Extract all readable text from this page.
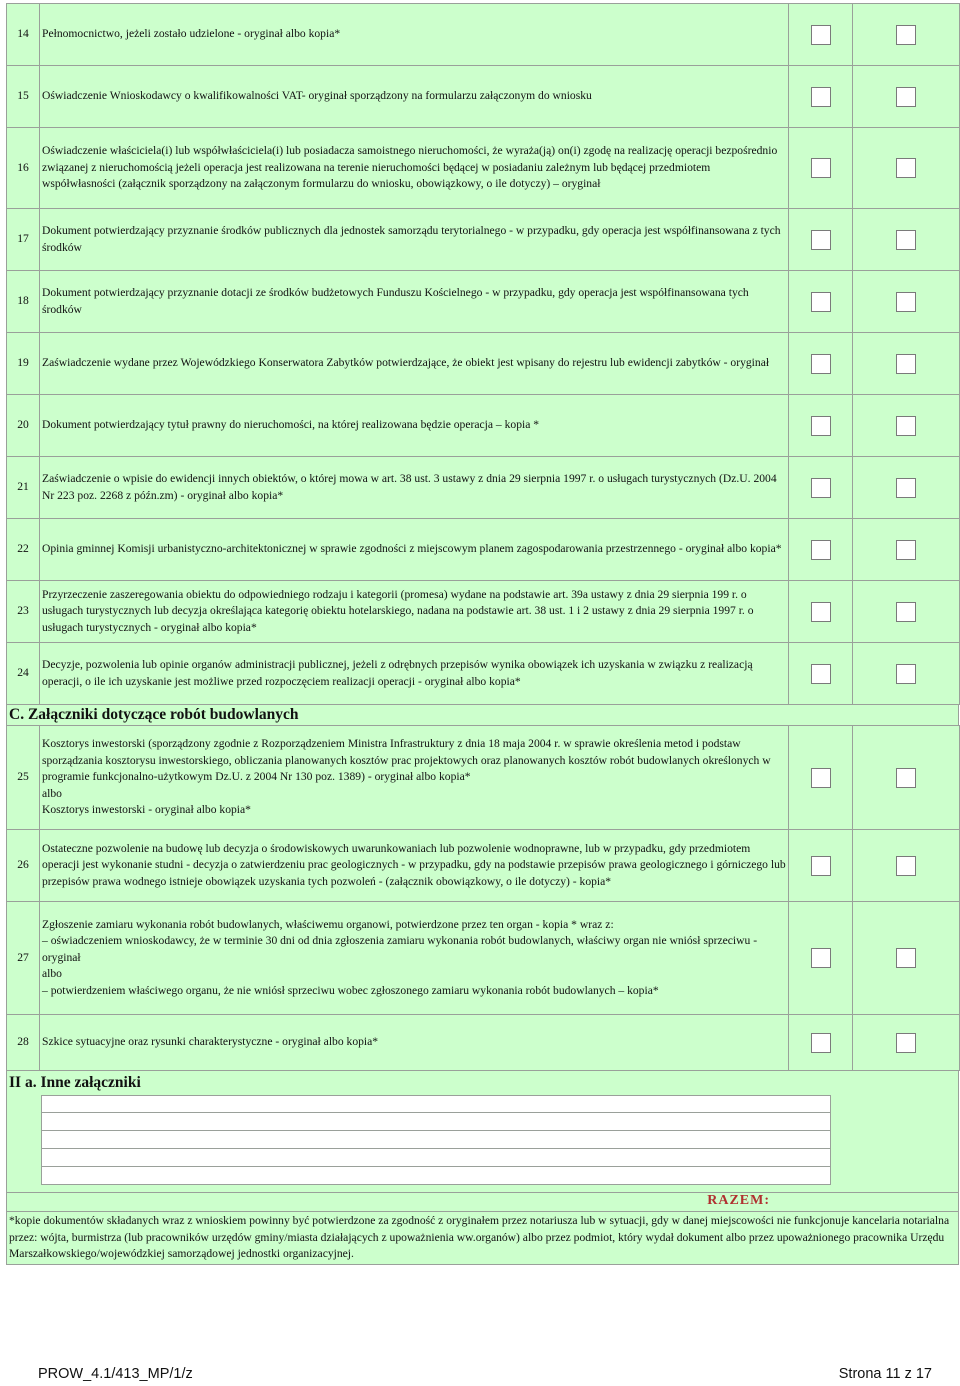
14	Pełnomocnictwo, jeżeli zostało udzielone - oryginał albo kopia*		
15	Oświadczenie Wnioskodawcy o kwalifikowalności VAT- oryginał sporządzony na formularzu załączonym do wniosku		
16	Oświadczenie właściciela(i) lub współwłaściciela(i) lub posiadacza samoistnego nieruchomości, że wyraża(ją) on(i) zgodę na realizację operacji bezpośrednio związanej z nieruchomością jeżeli operacja jest realizowana na terenie nieruchomości będącej w posiadaniu zależnym lub będącej przedmiotem współwłasności (załącznik sporządzony na załączonym formularzu do wniosku, obowiązkowy, o ile dotyczy) – oryginał		
17	Dokument potwierdzający przyznanie środków publicznych dla jednostek samorządu terytorialnego - w przypadku, gdy operacja jest współfinansowana z tych środków		
18	Dokument potwierdzający przyznanie dotacji ze środków budżetowych Funduszu Kościelnego - w przypadku, gdy operacja jest współfinansowana tych środków		
19	Zaświadczenie wydane przez Wojewódzkiego Konserwatora Zabytków potwierdzające, że obiekt jest wpisany do rejestru lub ewidencji zabytków - oryginał		
20	Dokument potwierdzający tytuł prawny do nieruchomości, na której realizowana będzie operacja – kopia *		
21	Zaświadczenie o wpisie do ewidencji innych obiektów, o której mowa w art. 38 ust. 3 ustawy z dnia 29 sierpnia 1997 r. o usługach turystycznych (Dz.U. 2004 Nr 223 poz. 2268 z późn.zm) - oryginał albo kopia*		
22	Opinia gminnej Komisji urbanistyczno-architektonicznej w sprawie zgodności z miejscowym planem zagospodarowania przestrzennego - oryginał albo kopia*		
23	Przyrzeczenie zaszeregowania obiektu do odpowiedniego rodzaju i kategorii (promesa) wydane na podstawie art. 39a ustawy z dnia 29 sierpnia 199 r. o usługach turystycznych lub decyzja określająca kategorię obiektu hotelarskiego, nadana na podstawie art. 38 ust. 1 i 2 ustawy z dnia 29 sierpnia 1997 r. o usługach turystycznych - oryginał albo kopia*		
24	Decyzje, pozwolenia lub opinie organów administracji publicznej, jeżeli z odrębnych przepisów wynika obowiązek ich uzyskania w związku z realizacją operacji, o ile ich uzyskanie jest możliwe przed rozpoczęciem realizacji operacji - oryginał albo kopia*		
C. Załączniki dotyczące robót budowlanych
25	Kosztorys inwestorski (sporządzony zgodnie z Rozporządzeniem Ministra Infrastruktury z dnia 18 maja 2004 r. w sprawie określenia metod i podstaw sporządzania kosztorysu inwestorskiego, obliczania planowanych kosztów prac projektowych oraz planowanych kosztów robót budowlanych określonych w programie funkcjonalno-użytkowym Dz.U. z 2004 Nr 130 poz. 1389) - oryginał albo kopia*
albo
Kosztorys inwestorski - oryginał albo kopia*		

26	Ostateczne pozwolenie na budowę lub decyzja o środowiskowych uwarunkowaniach lub pozwolenie wodnoprawne, lub w przypadku, gdy przedmiotem operacji jest wykonanie studni - decyzja o zatwierdzeniu prac geologicznych - w przypadku, gdy na podstawie przepisów prawa geologicznego i górniczego lub przepisów prawa wodnego istnieje obowiązek uzyskania tych pozwoleń - (załącznik obowiązkowy, o ile dotyczy) - kopia*		

27	Zgłoszenie zamiaru wykonania robót budowlanych, właściwemu organowi, potwierdzone przez ten organ - kopia * wraz z:
– oświadczeniem wnioskodawcy, że w terminie 30 dni od dnia zgłoszenia zamiaru wykonania robót budowlanych, właściwy organ nie wniósł sprzeciwu - oryginał
albo
– potwierdzeniem właściwego organu, że nie wniósł sprzeciwu wobec zgłoszonego zamiaru wykonania robót budowlanych – kopia*		

28	Szkice sytuacyjne oraz rysunki charakterystyczne - oryginał albo kopia*		

II a. Inne załączniki
RAZEM:
*kopie dokumentów składanych wraz z wnioskiem powinny być potwierdzone za zgodność z oryginałem przez notariusza lub w sytuacji, gdy w danej miejscowości nie funkcjonuje kancelaria notarialna przez: wójta, burmistrza (lub pracowników urzędów gminy/miasta działających z upoważnienia ww.organów) albo przez podmiot, który wydał dokument albo przez upoważnionego pracownika Urzędu Marszałkowskiego/wojewódzkiej samorządowej jednostki organizacyjnej.
PROW_4.1/413_MP/1/z	Strona 11 z 17
